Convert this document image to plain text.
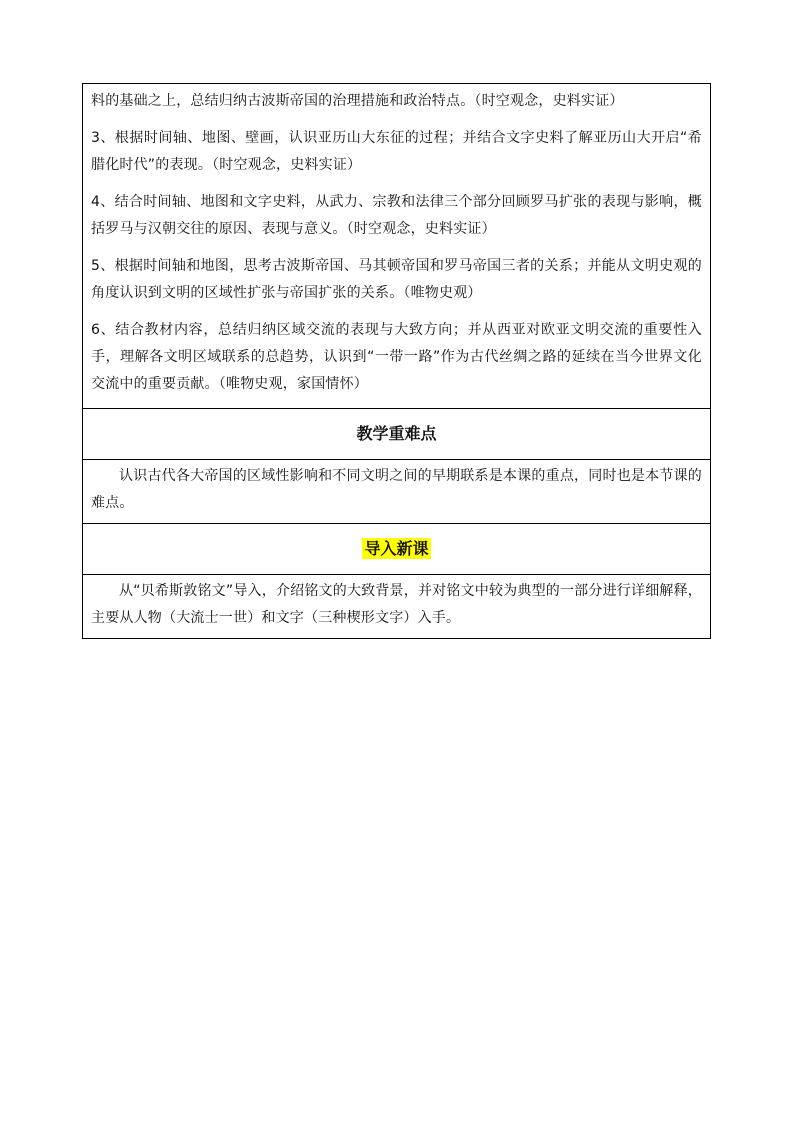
料的基础之上，总结归纳古波斯帝国的治理措施和政治特点。（时空观念，史料实证）

3、根据时间轴、地图、壁画，认识亚历山大东征的过程；并结合文字史料了解亚历山大开启“希腊化时代”的表现。（时空观念，史料实证）

4、结合时间轴、地图和文字史料，从武力、宗教和法律三个部分回顾罗马扩张的表现与影响，概括罗马与汉朝交往的原因、表现与意义。（时空观念，史料实证）

5、根据时间轴和地图，思考古波斯帝国、马其顿帝国和罗马帝国三者的关系；并能从文明史观的角度认识到文明的区域性扩张与帝国扩张的关系。（唯物史观）

6、结合教材内容，总结归纳区域交流的表现与大致方向；并从西亚对欧亚文明交流的重要性入手，理解各文明区域联系的总趋势，认识到“一带一路”作为古代丝绸之路的延续在当今世界文化交流中的重要贡献。（唯物史观，家国情怀）

教学重难点

认识古代各大帝国的区域性影响和不同文明之间的早期联系是本课的重点，同时也是本节课的难点。

导入新课

从“贝希斯敦铭文”导入，介绍铭文的大致背景，并对铭文中较为典型的一部分进行详细解释，主要从人物（大流士一世）和文字（三种楔形文字）入手。
